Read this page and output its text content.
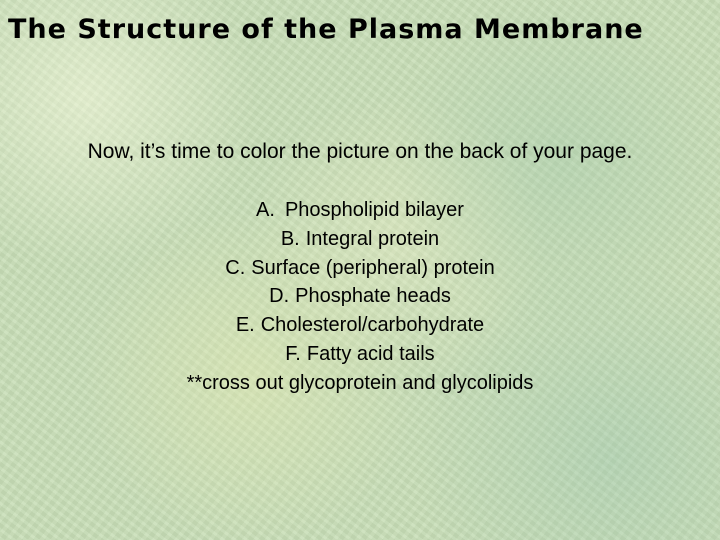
The Structure of the Plasma Membrane

Now, it’s time to color the picture on the back of your page.

A. Phospholipid bilayer
B. Integral protein
C. Surface (peripheral) protein
D. Phosphate heads
E. Cholesterol/carbohydrate
F. Fatty acid tails
**cross out glycoprotein and glycolipids
